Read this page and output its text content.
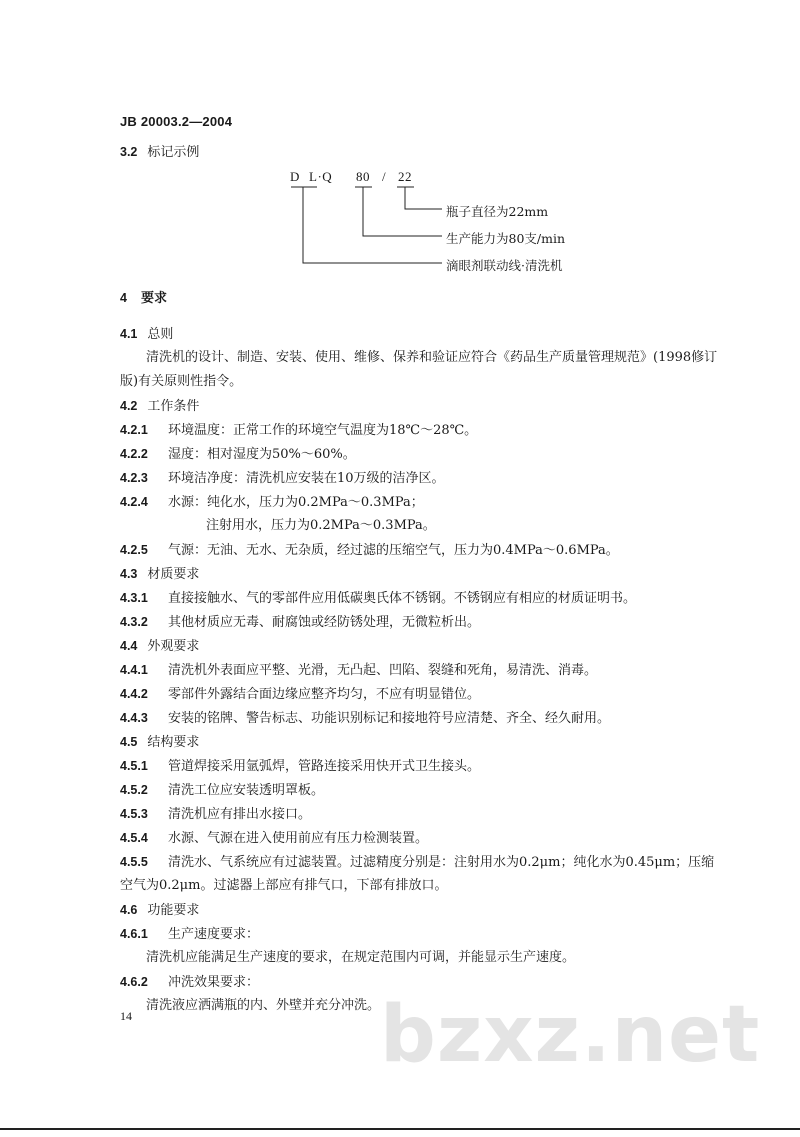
JB 20003.2—2004
3.2 标记示例
D L·Q 80 / 22
瓶子直径为22mm
生产能力为80支/min
滴眼剂联动线·清洗机
4 要求
4.1 总则
清洗机的设计、制造、安装、使用、维修、保养和验证应符合《药品生产质量管理规范》(1998修订
版)有关原则性指令。
4.2 工作条件
4.2.1 环境温度：正常工作的环境空气温度为18℃～28℃。
4.2.2 湿度：相对湿度为50%～60%。
4.2.3 环境洁净度：清洗机应安装在10万级的洁净区。
4.2.4 水源：纯化水，压力为0.2MPa～0.3MPa；
注射用水，压力为0.2MPa～0.3MPa。
4.2.5 气源：无油、无水、无杂质，经过滤的压缩空气，压力为0.4MPa～0.6MPa。
4.3 材质要求
4.3.1 直接接触水、气的零部件应用低碳奥氏体不锈钢。不锈钢应有相应的材质证明书。
4.3.2 其他材质应无毒、耐腐蚀或经防锈处理，无微粒析出。
4.4 外观要求
4.4.1 清洗机外表面应平整、光滑，无凸起、凹陷、裂缝和死角，易清洗、消毒。
4.4.2 零部件外露结合面边缘应整齐均匀，不应有明显错位。
4.4.3 安装的铭牌、警告标志、功能识别标记和接地符号应清楚、齐全、经久耐用。
4.5 结构要求
4.5.1 管道焊接采用氩弧焊，管路连接采用快开式卫生接头。
4.5.2 清洗工位应安装透明罩板。
4.5.3 清洗机应有排出水接口。
4.5.4 水源、气源在进入使用前应有压力检测装置。
4.5.5 清洗水、气系统应有过滤装置。过滤精度分别是：注射用水为0.2μm；纯化水为0.45μm；压缩
空气为0.2μm。过滤器上部应有排气口，下部有排放口。
4.6 功能要求
4.6.1 生产速度要求：
清洗机应能满足生产速度的要求，在规定范围内可调，并能显示生产速度。
4.6.2 冲洗效果要求：
清洗液应洒满瓶的内、外壁并充分冲洗。
14	bzxz.net
